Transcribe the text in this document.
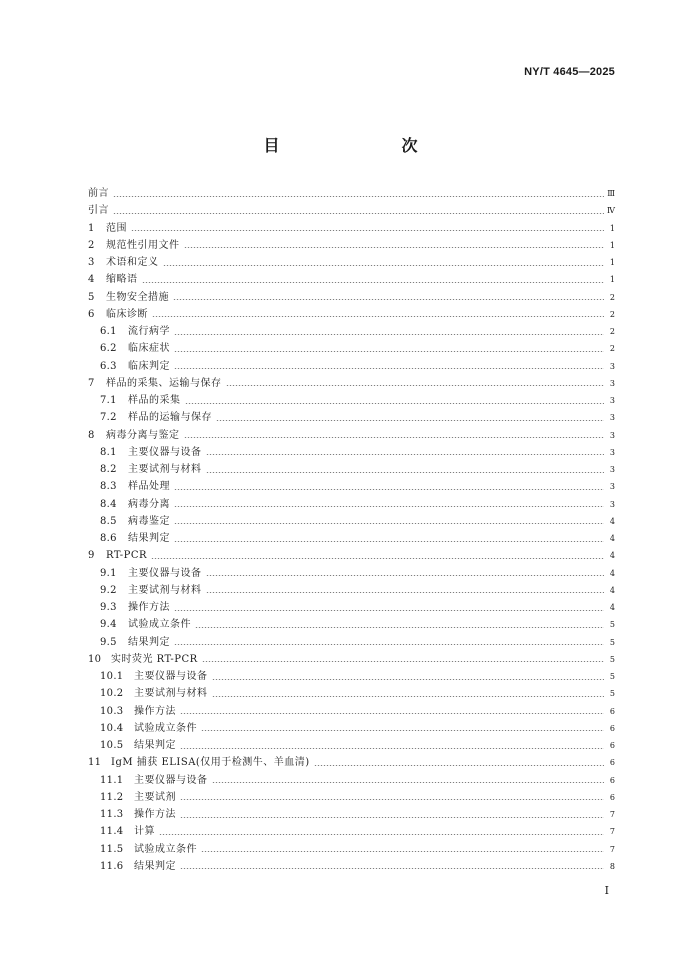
NY/T 4645—2025
目　　次
前言	Ⅲ
引言	Ⅳ
1	范围	1
2	规范性引用文件	1
3	术语和定义	1
4	缩略语	1
5	生物安全措施	2
6	临床诊断	2
6.1	流行病学	2
6.2	临床症状	2
6.3	临床判定	3
7	样品的采集、运输与保存	3
7.1	样品的采集	3
7.2	样品的运输与保存	3
8	病毒分离与鉴定	3
8.1	主要仪器与设备	3
8.2	主要试剂与材料	3
8.3	样品处理	3
8.4	病毒分离	3
8.5	病毒鉴定	4
8.6	结果判定	4
9	RT-PCR	4
9.1	主要仪器与设备	4
9.2	主要试剂与材料	4
9.3	操作方法	4
9.4	试验成立条件	5
9.5	结果判定	5
10 实时荧光 RT-PCR	5
10.1	主要仪器与设备	5
10.2	主要试剂与材料	5
10.3	操作方法	6
10.4	试验成立条件	6
10.5	结果判定	6
11 IgM 捕获 ELISA(仅用于检测牛、羊血清)	6
11.1	主要仪器与设备	6
11.2	主要试剂	6
11.3	操作方法	7
11.4	计算	7
11.5	试验成立条件	7
11.6	结果判定	8
Ⅰ
